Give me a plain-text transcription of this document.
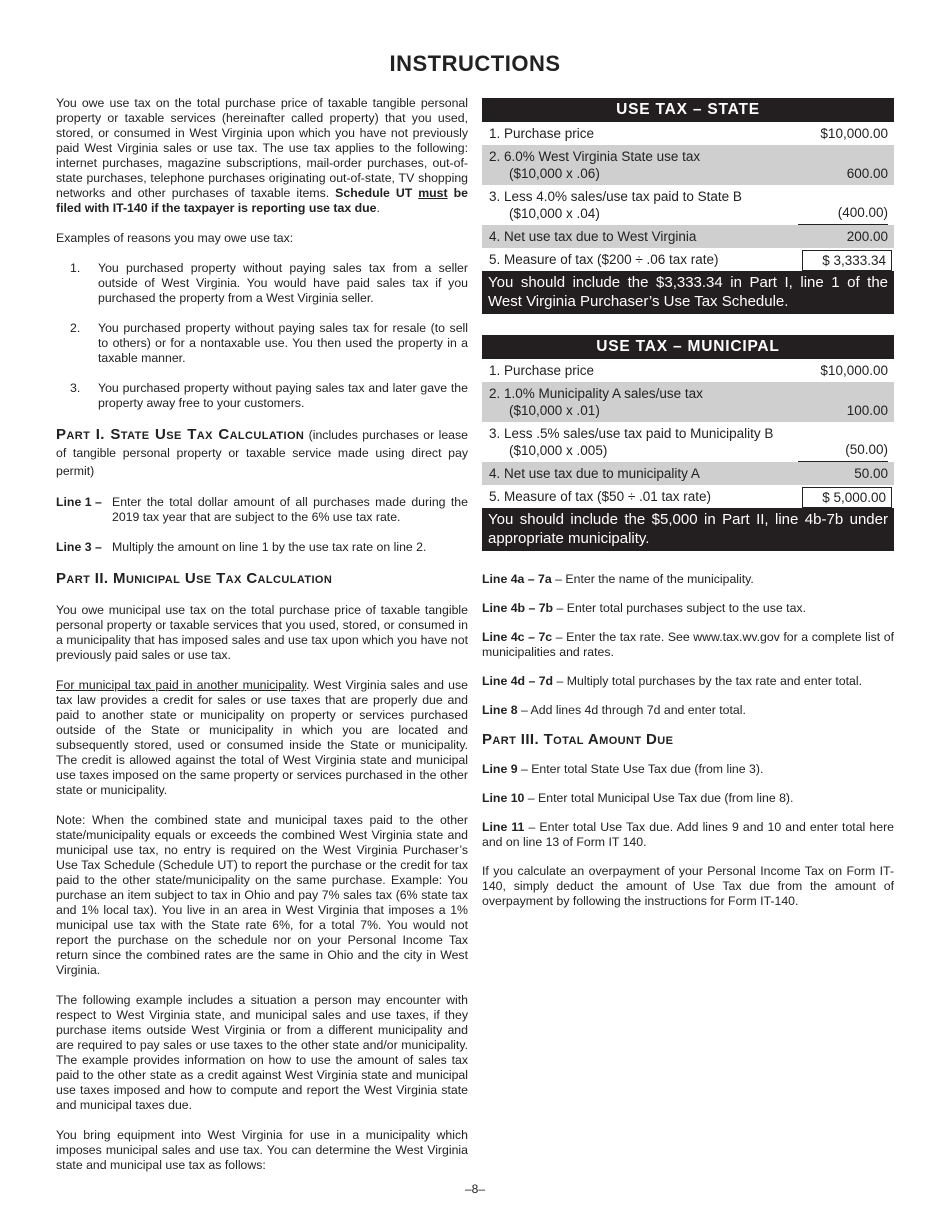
INSTRUCTIONS

You owe use tax on the total purchase price of taxable tangible personal property or taxable services (hereinafter called property) that you used, stored, or consumed in West Virginia upon which you have not previously paid West Virginia sales or use tax. The use tax applies to the following: internet purchases, magazine subscriptions, mail-order purchases, out-of-state purchases, telephone purchases originating out-of-state, TV shopping networks and other purchases of taxable items. Schedule UT must be filed with IT-140 if the taxpayer is reporting use tax due.

Examples of reasons you may owe use tax:

1.	You purchased property without paying sales tax from a seller outside of West Virginia. You would have paid sales tax if you purchased the property from a West Virginia seller.
2.	You purchased property without paying sales tax for resale (to sell to others) or for a nontaxable use. You then used the property in a taxable manner.
3.	You purchased property without paying sales tax and later gave the property away free to your customers.
Part I. State Use Tax Calculation (includes purchases or lease of tangible personal property or taxable service made using direct pay permit)
Line 1 – Enter the total dollar amount of all purchases made during the 2019 tax year that are subject to the 6% use tax rate.
Line 3 – Multiply the amount on line 1 by the use tax rate on line 2.
Part II. Municipal Use Tax Calculation

You owe municipal use tax on the total purchase price of taxable tangible personal property or taxable services that you used, stored, or consumed in a municipality that has imposed sales and use tax upon which you have not previously paid sales or use tax.

For municipal tax paid in another municipality. West Virginia sales and use tax law provides a credit for sales or use taxes that are properly due and paid to another state or municipality on property or services purchased outside of the State or municipality in which you are located and subsequently stored, used or consumed inside the State or municipality. The credit is allowed against the total of West Virginia state and municipal use taxes imposed on the same property or services purchased in the other state or municipality.

Note: When the combined state and municipal taxes paid to the other state/municipality equals or exceeds the combined West Virginia state and municipal use tax, no entry is required on the West Virginia Purchaser’s Use Tax Schedule (Schedule UT) to report the purchase or the credit for tax paid to the other state/municipality on the same purchase. Example: You purchase an item subject to tax in Ohio and pay 7% sales tax (6% state tax and 1% local tax). You live in an area in West Virginia that imposes a 1% municipal use tax with the State rate 6%, for a total 7%. You would not report the purchase on the schedule nor on your Personal Income Tax return since the combined rates are the same in Ohio and the city in West Virginia.

The following example includes a situation a person may encounter with respect to West Virginia state, and municipal sales and use taxes, if they purchase items outside West Virginia or from a different municipality and are required to pay sales or use taxes to the other state and/or municipality. The example provides information on how to use the amount of sales tax paid to the other state as a credit against West Virginia state and municipal use taxes imposed and how to compute and report the West Virginia state and municipal taxes due.

You bring equipment into West Virginia for use in a municipality which imposes municipal sales and use tax. You can determine the West Virginia state and municipal use tax as follows:

USE TAX – STATE
1. Purchase price	$10,000.00
2. 6.0% West Virginia State use tax
($10,000 x .06)	600.00
3. Less 4.0% sales/use tax paid to State B
($10,000 x .04)	(400.00)
4. Net use tax due to West Virginia	200.00
5. Measure of tax ($200 ÷ .06 tax rate)	$ 3,333.34
You should include the $3,333.34 in Part I, line 1 of the West Virginia Purchaser’s Use Tax Schedule.
USE TAX – MUNICIPAL
1. Purchase price	$10,000.00
2. 1.0% Municipality A sales/use tax
($10,000 x .01)	100.00
3. Less .5% sales/use tax paid to Municipality B
($10,000 x .005)	(50.00)
4. Net use tax due to municipality A	50.00
5. Measure of tax ($50 ÷ .01 tax rate)	$ 5,000.00
You should include the $5,000 in Part II, line 4b-7b under appropriate municipality.

Line 4a – 7a – Enter the name of the municipality.

Line 4b – 7b – Enter total purchases subject to the use tax.

Line 4c – 7c – Enter the tax rate. See www.tax.wv.gov for a complete list of municipalities and rates.

Line 4d – 7d – Multiply total purchases by the tax rate and enter total.

Line 8 – Add lines 4d through 7d and enter total.

Part III. Total Amount Due

Line 9 – Enter total State Use Tax due (from line 3).

Line 10 – Enter total Municipal Use Tax due (from line 8).

Line 11 – Enter total Use Tax due. Add lines 9 and 10 and enter total here and on line 13 of Form IT 140.

If you calculate an overpayment of your Personal Income Tax on Form IT-140, simply deduct the amount of Use Tax due from the amount of overpayment by following the instructions for Form IT-140.

–8–
